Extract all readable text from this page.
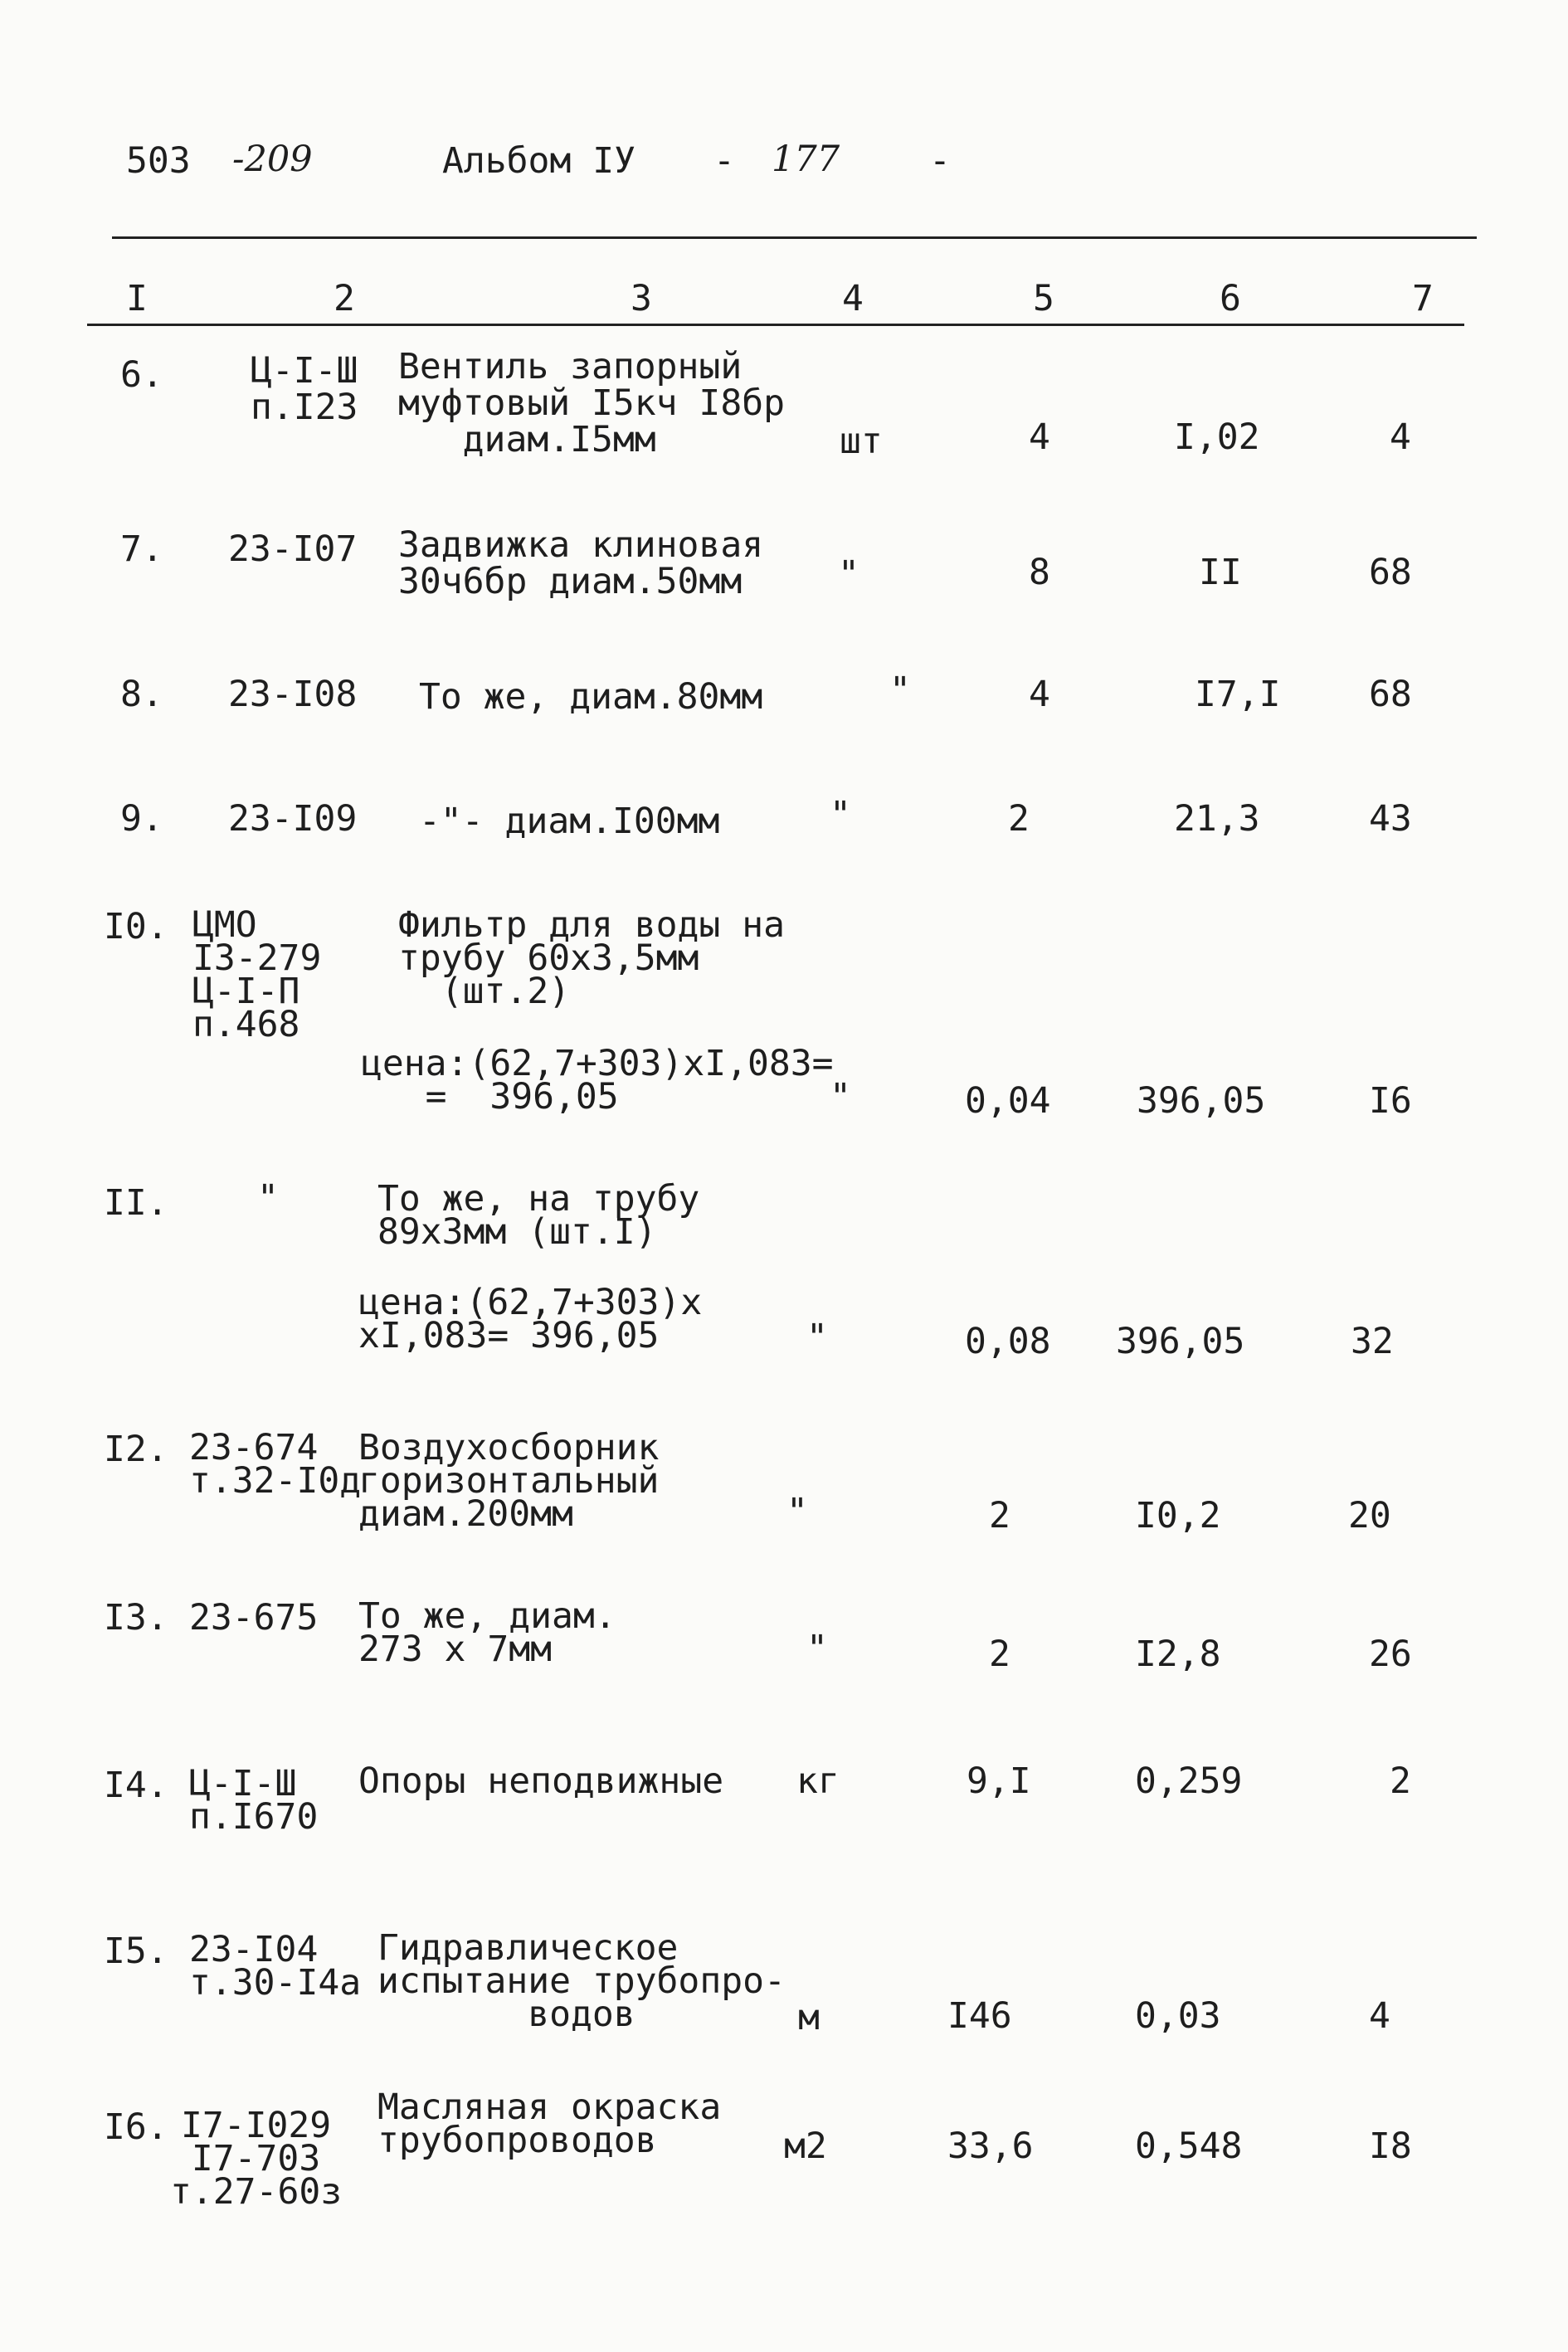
503 -209	Альбом IУ - 177	-
I	2	3	4	5	6	7
6. Ц-I-Ш
п.I23
Вентиль запорный
муфтовый I5кч I8бр
диам.I5мм	шт	4	I,02	4
7. 23-I07 Задвижка клиновая
30ч6бр диам.50мм	"	8	II	68
8. 23-I08 То же, диам.80мм	"	4	I7,I 68
9. 23-I09 -"- диам.I00мм	"	2	21,3	43
I0. ЦМО
I3-279
Ц-I-П
п.468
Фильтр для воды на
трубу 60х3,5мм
(шт.2)
цена:(62,7+303)хI,083=
=  396,05	"	0,04 396,05	I6
II. "	То же, на трубу
89х3мм (шт.I)
цена:(62,7+303)х
хI,083= 396,05	"	0,08 396,05	32
I2. 23-674
т.32-I0д
Воздухосборник
горизонтальный
диам.200мм	"	2	I0,2	20
I3. 23-675 То же, диам.
273 х 7мм	"	2	I2,8	26
I4. Ц-I-Ш
п.I670
Опоры неподвижные кг	9,I	0,259	2
I5. 23-I04
т.30-I4а
Гидравлическое
испытание трубопро-
водов	м	I46	0,03	4
I6. I7-I029
I7-703
т.27-60з
Масляная окраска
трубопроводов	м2	33,6	0,548	I8
